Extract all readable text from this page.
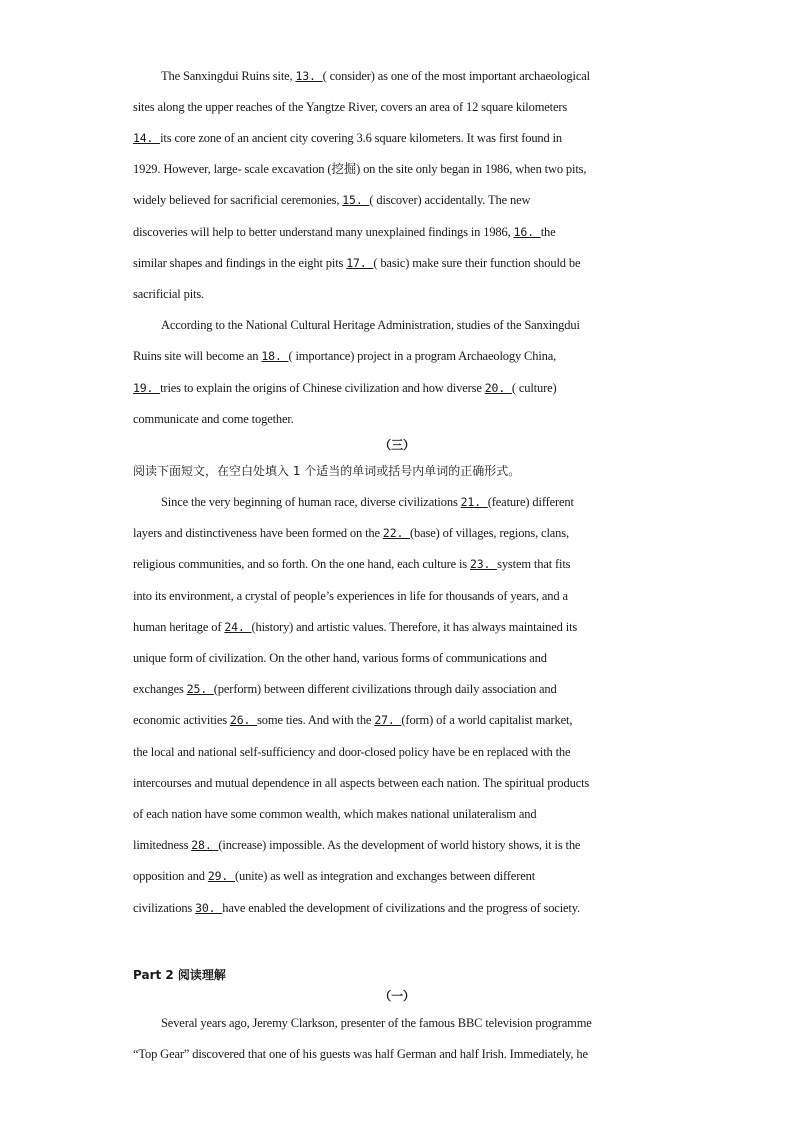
The Sanxingdui Ruins site, 13. ( consider) as one of the most important archaeological
sites along the upper reaches of the Yangtze River, covers an area of 12 square kilometers
14. its core zone of an ancient city covering 3.6 square kilometers. It was first found in
1929. However, large- scale excavation (挖掘) on the site only began in 1986, when two pits,
widely believed for sacrificial ceremonies, 15. ( discover) accidentally. The new
discoveries will help to better understand many unexplained findings in 1986, 16. the
similar shapes and findings in the eight pits 17. ( basic) make sure their function should be
sacrificial pits.
According to the National Cultural Heritage Administration, studies of the Sanxingdui
Ruins site will become an 18. ( importance) project in a program Archaeology China,
19. tries to explain the origins of Chinese civilization and how diverse 20. ( culture)
communicate and come together.
（三）
阅读下面短文，在空白处填入 1 个适当的单词或括号内单词的正确形式。
Since the very beginning of human race, diverse civilizations 21. (feature) different
layers and distinctiveness have been formed on the 22. (base) of villages, regions, clans,
religious communities, and so forth. On the one hand, each culture is 23. system that fits
into its environment, a crystal of people’s experiences in life for thousands of years, and a
human heritage of 24. (history) and artistic values. Therefore, it has always maintained its
unique form of civilization. On the other hand, various forms of communications and
exchanges 25. (perform) between different civilizations through daily association and
economic activities 26. some ties. And with the 27. (form) of a world capitalist market,
the local and national self-sufficiency and door-closed policy have be en replaced with the
intercourses and mutual dependence in all aspects between each nation. The spiritual products
of each nation have some common wealth, which makes national unilateralism and
limitedness 28. (increase) impossible. As the development of world history shows, it is the
opposition and 29. (unite) as well as integration and exchanges between different
civilizations 30. have enabled the development of civilizations and the progress of society.
Part 2 阅读理解
（一）
Several years ago, Jeremy Clarkson, presenter of the famous BBC television programme
“Top Gear” discovered that one of his guests was half German and half Irish. Immediately, he
